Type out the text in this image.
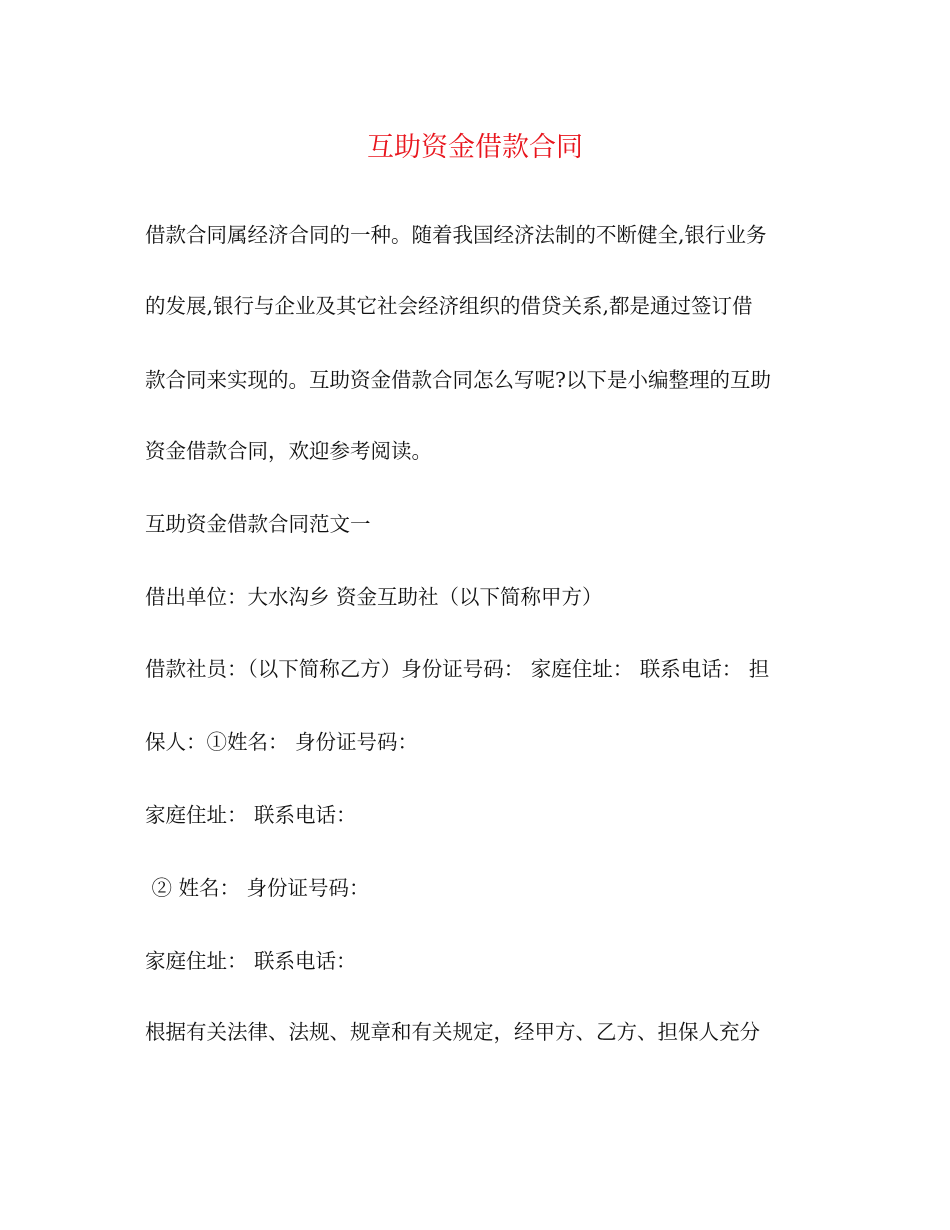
互助资金借款合同
借款合同属经济合同的一种。随着我国经济法制的不断健全,银行业务
的发展,银行与企业及其它社会经济组织的借贷关系,都是通过签订借
款合同来实现的。互助资金借款合同怎么写呢?以下是小编整理的互助
资金借款合同，欢迎参考阅读。
互助资金借款合同范文一
借出单位：大水沟乡 资金互助社（以下简称甲方）
借款社员：（以下简称乙方）身份证号码： 家庭住址： 联系电话： 担
保人：①姓名： 身份证号码：
家庭住址： 联系电话：
② 姓名： 身份证号码：
家庭住址： 联系电话：
根据有关法律、法规、规章和有关规定，经甲方、乙方、担保人充分
